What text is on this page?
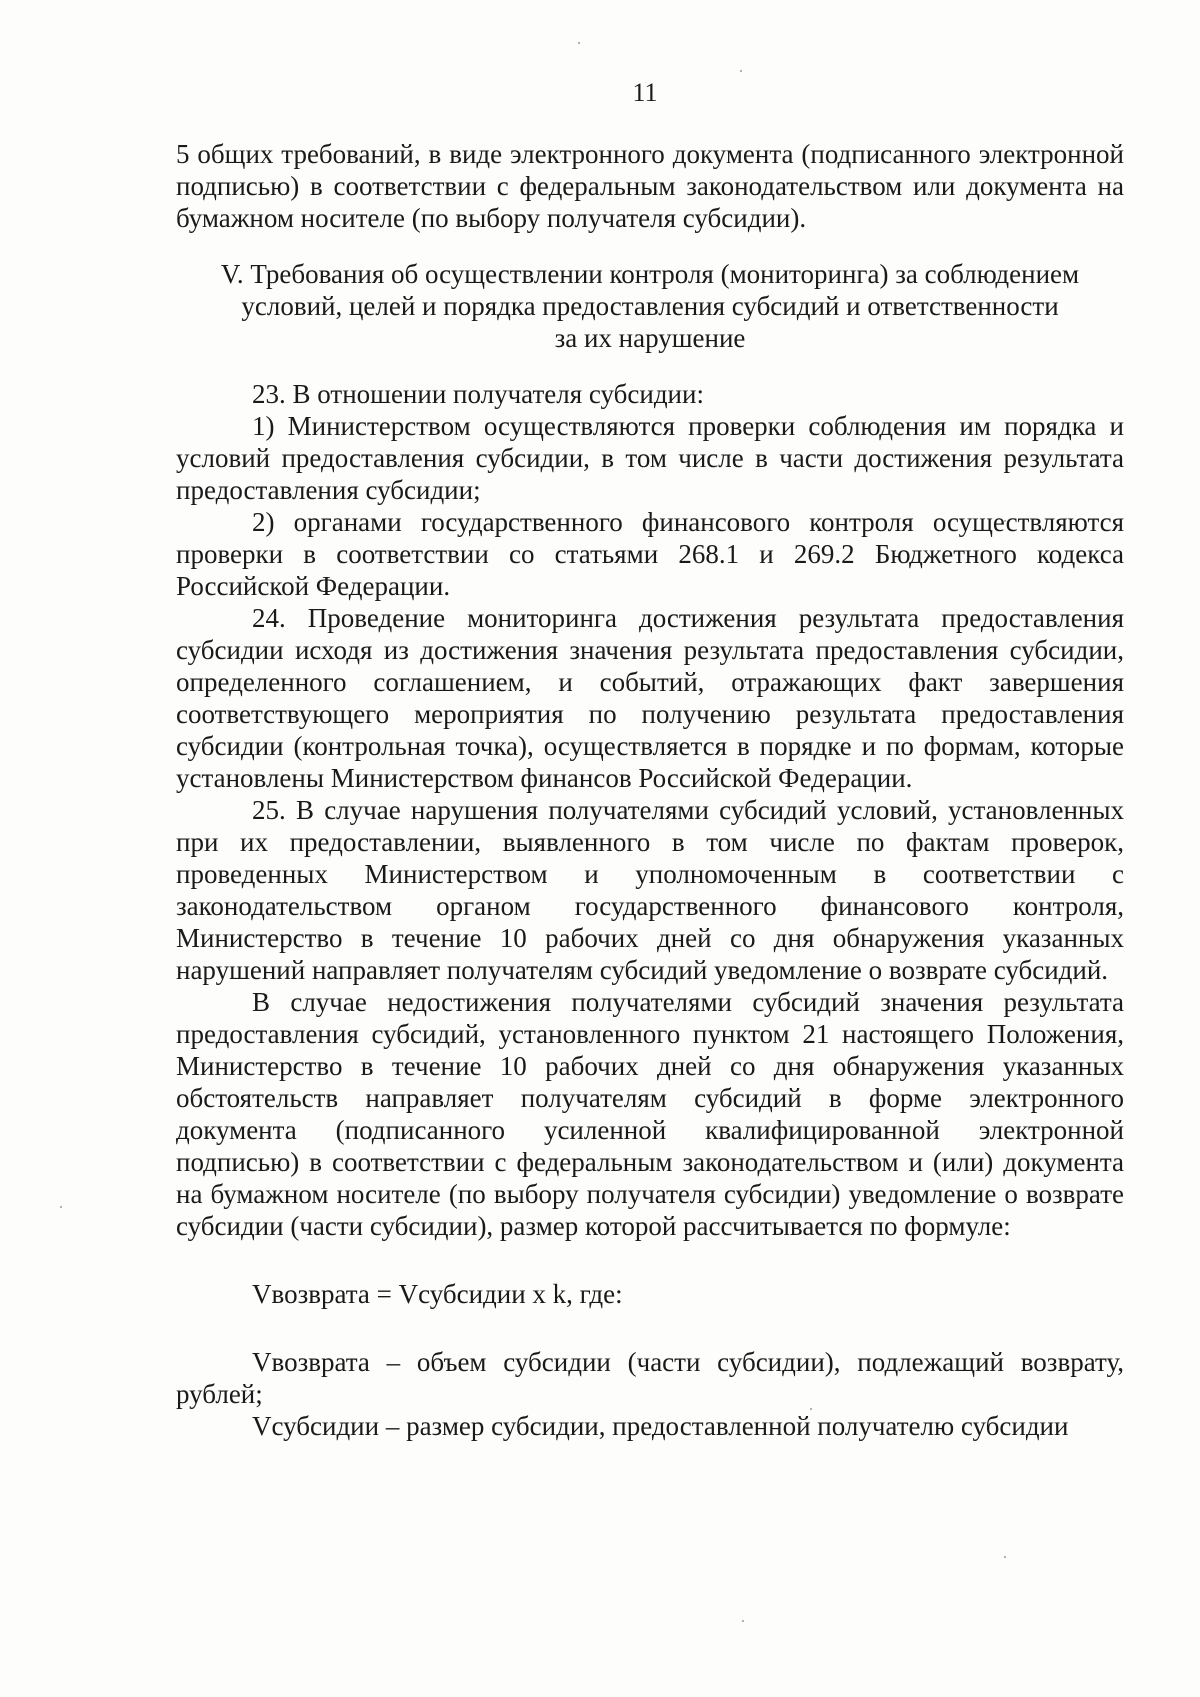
11

5 общих требований, в виде электронного документа (подписанного электронной подписью) в соответствии с федеральным законодательством или документа на бумажном носителе (по выбору получателя субсидии).

V. Требования об осуществлении контроля (мониторинга) за соблюдением
условий, целей и порядка предоставления субсидий и ответственности
за их нарушение

23. В отношении получателя субсидии:

1) Министерством осуществляются проверки соблюдения им порядка и условий предоставления субсидии, в том числе в части достижения результата предоставления субсидии;

2) органами государственного финансового контроля осуществляются проверки в соответствии со статьями 268.1 и 269.2 Бюджетного кодекса Российской Федерации.

24. Проведение мониторинга достижения результата предоставления субсидии исходя из достижения значения результата предоставления субсидии, определенного соглашением, и событий, отражающих факт завершения соответствующего мероприятия по получению результата предоставления субсидии (контрольная точка), осуществляется в порядке и по формам, которые установлены Министерством финансов Российской Федерации.

25. В случае нарушения получателями субсидий условий, установленных при их предоставлении, выявленного в том числе по фактам проверок, проведенных Министерством и уполномоченным в соответствии с законодательством органом государственного финансового контроля, Министерство в течение 10 рабочих дней со дня обнаружения указанных нарушений направляет получателям субсидий уведомление о возврате субсидий.

В случае недостижения получателями субсидий значения результата предоставления субсидий, установленного пунктом 21 настоящего Положения, Министерство в течение 10 рабочих дней со дня обнаружения указанных обстоятельств направляет получателям субсидий в форме электронного документа (подписанного усиленной квалифицированной электронной подписью) в соответствии с федеральным законодательством и (или) документа на бумажном носителе (по выбору получателя субсидии) уведомление о возврате субсидии (части субсидии), размер которой рассчитывается по формуле:

Vвозврата = Vсубсидии x k, где:

Vвозврата – объем субсидии (части субсидии), подлежащий возврату, рублей;

Vсубсидии – размер субсидии, предоставленной получателю субсидии
